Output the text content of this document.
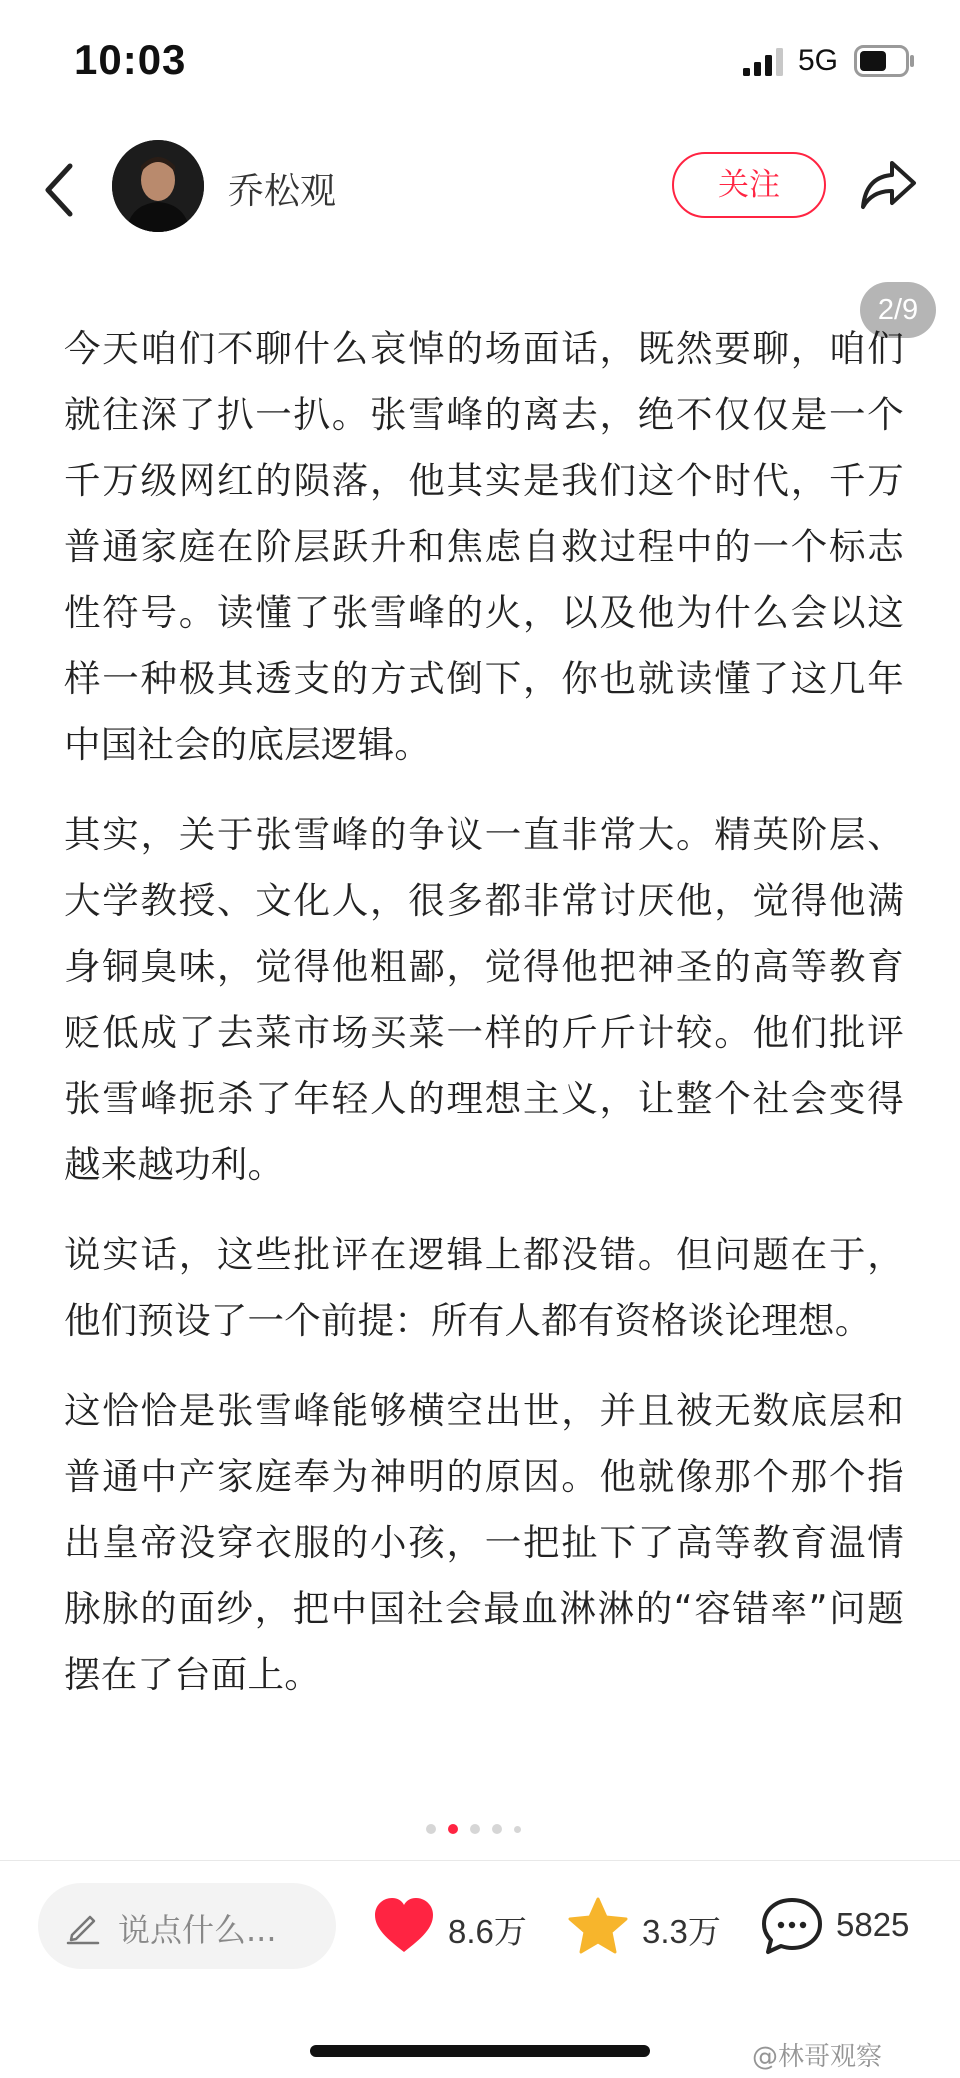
10:03	5G
乔松观	关注
2/9

今天咱们不聊什么哀悼的场面话，既然要聊，咱们就往深了扒一扒。张雪峰的离去，绝不仅仅是一个千万级网红的陨落，他其实是我们这个时代，千万普通家庭在阶层跃升和焦虑自救过程中的一个标志性符号。读懂了张雪峰的火，以及他为什么会以这样一种极其透支的方式倒下，你也就读懂了这几年中国社会的底层逻辑。

其实，关于张雪峰的争议一直非常大。精英阶层、大学教授、文化人，很多都非常讨厌他，觉得他满身铜臭味，觉得他粗鄙，觉得他把神圣的高等教育贬低成了去菜市场买菜一样的斤斤计较。他们批评张雪峰扼杀了年轻人的理想主义，让整个社会变得越来越功利。

说实话，这些批评在逻辑上都没错。但问题在于，他们预设了一个前提：所有人都有资格谈论理想。

这恰恰是张雪峰能够横空出世，并且被无数底层和普通中产家庭奉为神明的原因。他就像那个那个指出皇帝没穿衣服的小孩，一把扯下了高等教育温情脉脉的面纱，把中国社会最血淋淋的“容错率”问题摆在了台面上。

说点什么...	8.6万	3.3万	5825
@林哥观察
